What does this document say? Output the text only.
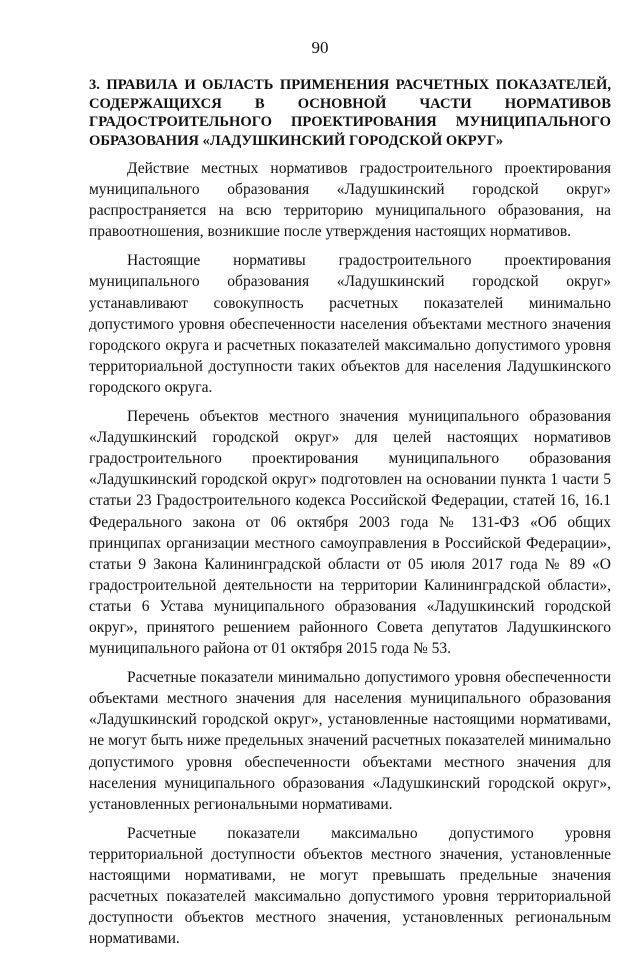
90
3. ПРАВИЛА И ОБЛАСТЬ ПРИМЕНЕНИЯ РАСЧЕТНЫХ ПОКАЗАТЕЛЕЙ, СОДЕРЖАЩИХСЯ В ОСНОВНОЙ ЧАСТИ НОРМАТИВОВ ГРАДОСТРОИТЕЛЬНОГО ПРОЕКТИРОВАНИЯ МУНИЦИПАЛЬНОГО ОБРАЗОВАНИЯ «ЛАДУШКИНСКИЙ ГОРОДСКОЙ ОКРУГ»

Действие местных нормативов градостроительного проектирования муниципального образования «Ладушкинский городской округ» распространяется на всю территорию муниципального образования, на правоотношения, возникшие после утверждения настоящих нормативов.

Настоящие нормативы градостроительного проектирования муниципального образования «Ладушкинский городской округ» устанавливают совокупность расчетных показателей минимально допустимого уровня обеспеченности населения объектами местного значения городского округа и расчетных показателей максимально допустимого уровня территориальной доступности таких объектов для населения Ладушкинского городского округа.

Перечень объектов местного значения муниципального образования «Ладушкинский городской округ» для целей настоящих нормативов градостроительного проектирования муниципального образования «Ладушкинский городской округ» подготовлен на основании пункта 1 части 5 статьи 23 Градостроительного кодекса Российской Федерации, статей 16, 16.1 Федерального закона от 06 октября 2003 года № 131-ФЗ «Об общих принципах организации местного самоуправления в Российской Федерации», статьи 9 Закона Калининградской области от 05 июля 2017 года № 89 «О градостроительной деятельности на территории Калининградской области», статьи 6 Устава муниципального образования «Ладушкинский городской округ», принятого решением районного Совета депутатов Ладушкинского муниципального района от 01 октября 2015 года № 53.

Расчетные показатели минимально допустимого уровня обеспеченности объектами местного значения для населения муниципального образования «Ладушкинский городской округ», установленные настоящими нормативами, не могут быть ниже предельных значений расчетных показателей минимально допустимого уровня обеспеченности объектами местного значения для населения муниципального образования «Ладушкинский городской округ», установленных региональными нормативами.

Расчетные показатели максимально допустимого уровня территориальной доступности объектов местного значения, установленные настоящими нормативами, не могут превышать предельные значения расчетных показателей максимально допустимого уровня территориальной доступности объектов местного значения, установленных региональным нормативами.
